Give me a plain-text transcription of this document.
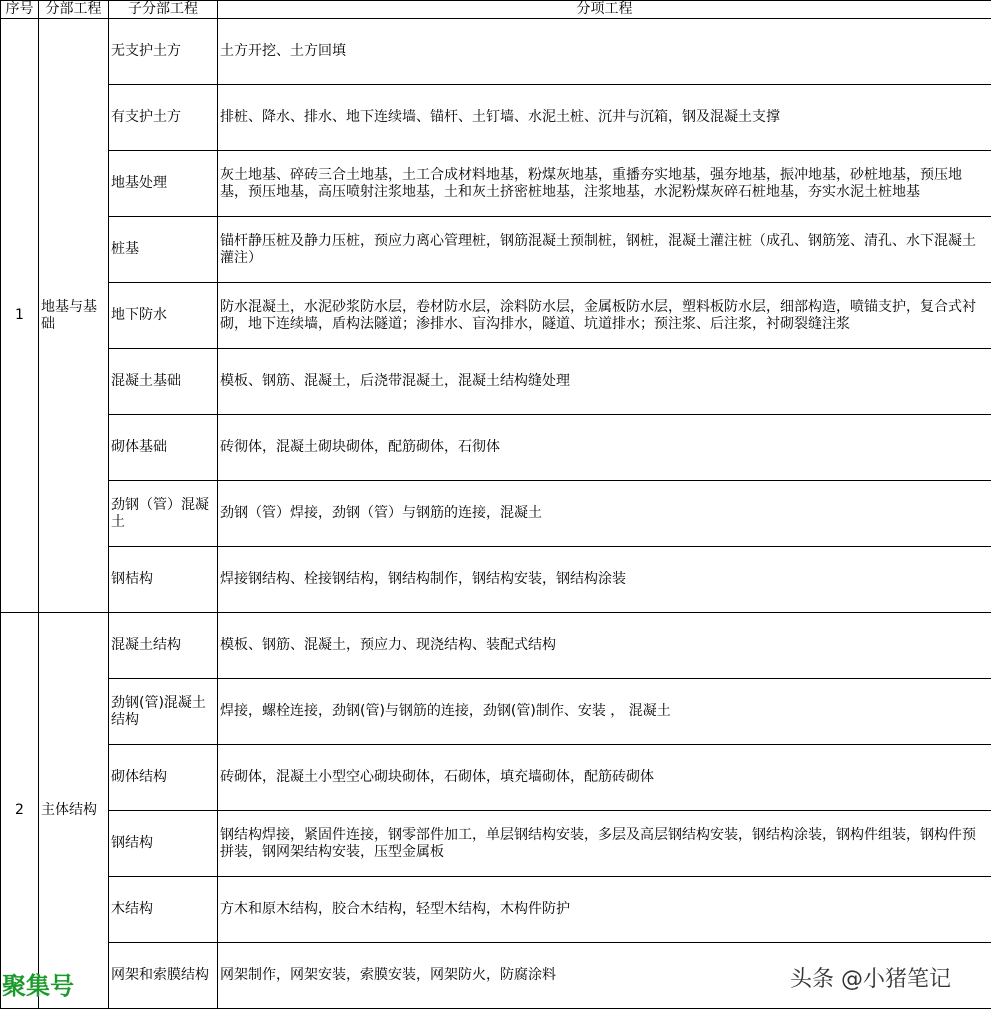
序号	分部工程	子分部工程	分项工程
1	地基与基础	无支护土方	土方开挖、土方回填
		有支护土方	排桩、降水、排水、地下连续墙、锚杆、土钉墙、水泥土桩、沉井与沉箱，钢及混凝土支撑
		地基处理	灰土地基、碎砖三合土地基，土工合成材料地基，粉煤灰地基，重播夯实地基，强夯地基，振冲地基，砂桩地基，预压地基，预压地基，高压喷射注浆地基，土和灰土挤密桩地基，注浆地基，水泥粉煤灰碎石桩地基，夯实水泥土桩地基
		桩基	锚杆静压桩及静力压桩，预应力离心管理桩，钢筋混凝土预制桩，钢桩，混凝土灌注桩（成孔、钢筋笼、清孔、水下混凝土灌注）
		地下防水	防水混凝土，水泥砂浆防水层，卷材防水层，涂料防水层，金属板防水层，塑料板防水层，细部构造，喷锚支护，复合式衬砌，地下连续墙，盾构法隧道；渗排水、盲沟排水，隧道、坑道排水；预注浆、后注浆，衬砌裂缝注浆
		混凝土基础	模板、钢筋、混凝土，后浇带混凝土，混凝土结构缝处理
		砌体基础	砖彻体，混凝土砌块砌体，配筋砌体，石彻体
		劲钢（管）混凝土	劲钢（管）焊接，劲钢（管）与钢筋的连接，混凝土
		钢桔构	焊接钢结构、栓接钢结构，钢结构制作，钢结构安装，钢结构涂装
2	主体结构	混凝土结构	模板、钢筋、混凝土，预应力、现浇结构、装配式结构
		劲钢(管)混凝土结构	焊接，螺栓连接，劲钢(管)与钢筋的连接，劲钢(管)制作、安装 ， 混凝土
		砌体结构	砖砌体，混凝土小型空心砌块砌体，石砌体，填充墙砌体，配筋砖砌体
		钢结构	钢结构焊接，紧固件连接，钢零部件加工，单层钢结构安装，多层及高层钢结构安装，钢结构涂装，钢构件组装，钢构件预拼装，钢网架结构安装，压型金属板
		木结构	方木和原木结构，胶合木结构，轻型木结构，木构件防护
		网架和索膜结构	网架制作，网架安装，索膜安装，网架防火，防腐涂料
聚集号	头条 @小猪笔记
